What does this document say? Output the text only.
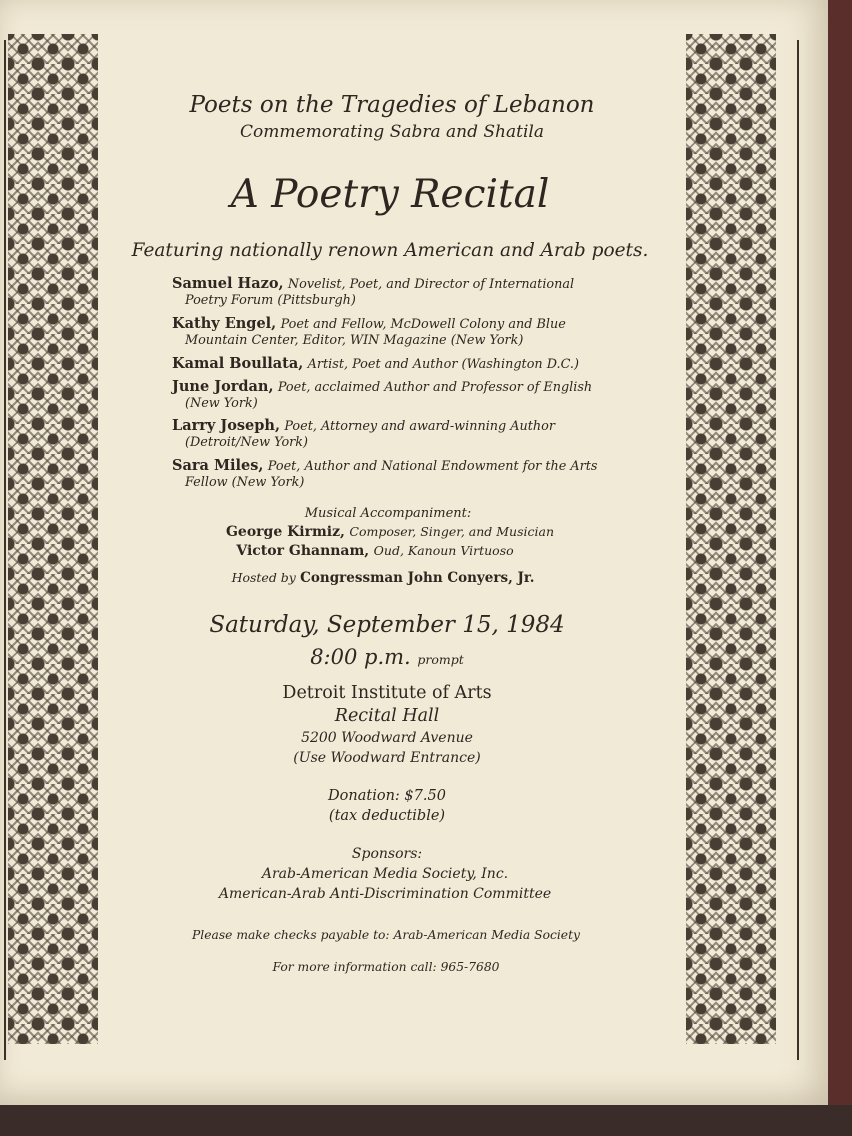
Poets on the Tragedies of Lebanon
Commemorating Sabra and Shatila
A Poetry Recital
Featuring nationally renown American and Arab poets.
Samuel Hazo, Novelist, Poet, and Director of International
Poetry Forum (Pittsburgh)
Kathy Engel, Poet and Fellow, McDowell Colony and Blue
Mountain Center, Editor, WIN Magazine (New York)
Kamal Boullata, Artist, Poet and Author (Washington D.C.)
June Jordan, Poet, acclaimed Author and Professor of English
(New York)
Larry Joseph, Poet, Attorney and award-winning Author
(Detroit/New York)
Sara Miles, Poet, Author and National Endowment for the Arts
Fellow (New York)
Musical Accompaniment:
George Kirmiz, Composer, Singer, and Musician
Victor Ghannam, Oud, Kanoun Virtuoso
Hosted by Congressman John Conyers, Jr.
Saturday, September 15, 1984
8:00 p.m. prompt
Detroit Institute of Arts
Recital Hall
5200 Woodward Avenue
(Use Woodward Entrance)
Donation: $7.50
(tax deductible)
Sponsors:
Arab-American Media Society, Inc.
American-Arab Anti-Discrimination Committee
Please make checks payable to: Arab-American Media Society
For more information call: 965-7680
